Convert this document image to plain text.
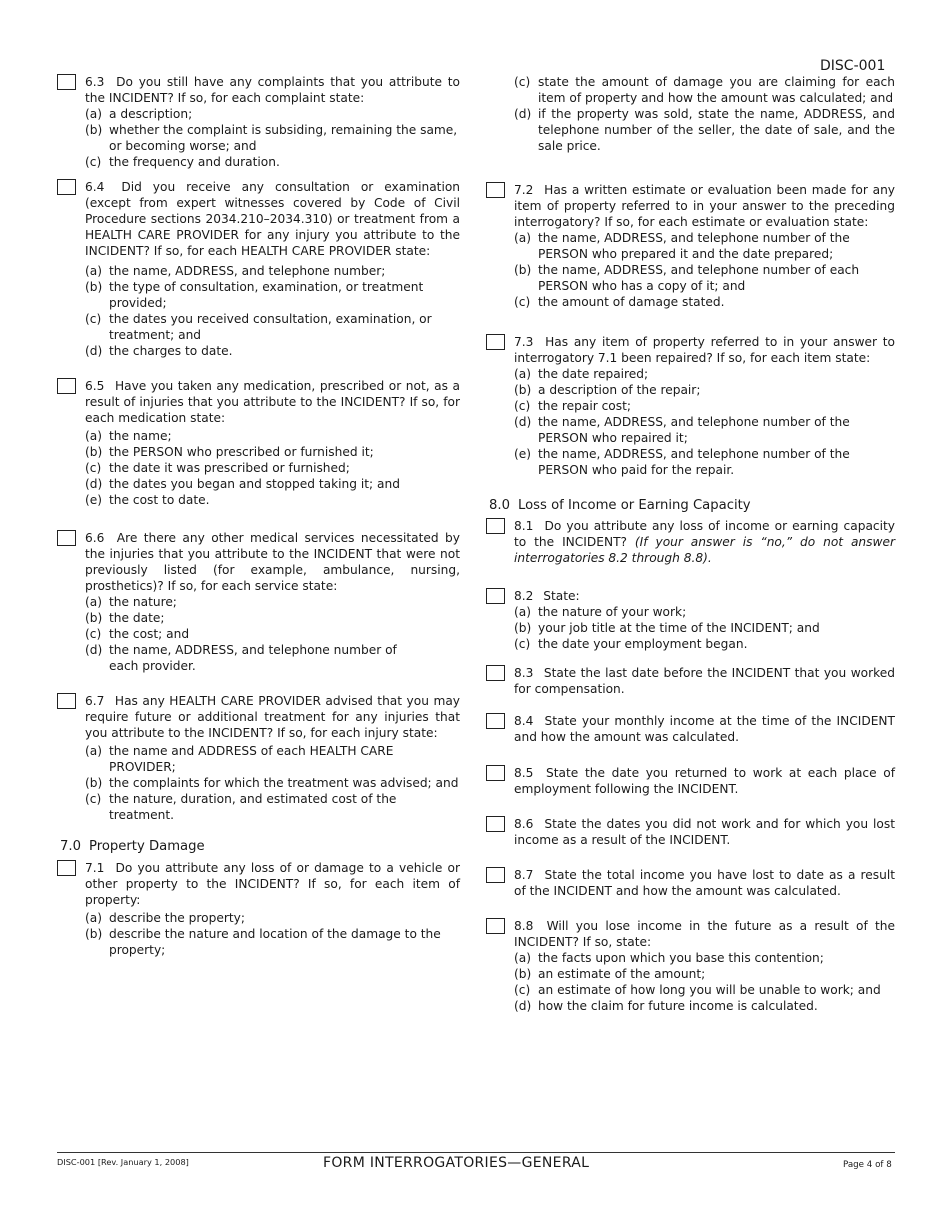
DISC-001
6.3 Do you still have any complaints that you attribute to the INCIDENT? If so, for each complaint state:
(a) a description;
(b) whether the complaint is subsiding, remaining the same, or becoming worse; and
(c) the frequency and duration.
6.4 Did you receive any consultation or examination (except from expert witnesses covered by Code of Civil Procedure sections 2034.210–2034.310) or treatment from a HEALTH CARE PROVIDER for any injury you attribute to the INCIDENT? If so, for each HEALTH CARE PROVIDER state:
(a) the name, ADDRESS, and telephone number;
(b) the type of consultation, examination, or treatment provided;
(c) the dates you received consultation, examination, or treatment; and
(d) the charges to date.
6.5 Have you taken any medication, prescribed or not, as a result of injuries that you attribute to the INCIDENT? If so, for each medication state:
(a) the name;
(b) the PERSON who prescribed or furnished it;
(c) the date it was prescribed or furnished;
(d) the dates you began and stopped taking it; and
(e) the cost to date.
6.6 Are there any other medical services necessitated by the injuries that you attribute to the INCIDENT that were not previously listed (for example, ambulance, nursing, prosthetics)? If so, for each service state:
(a) the nature;
(b) the date;
(c) the cost; and
(d) the name, ADDRESS, and telephone number of each provider.
6.7 Has any HEALTH CARE PROVIDER advised that you may require future or additional treatment for any injuries that you attribute to the INCIDENT? If so, for each injury state:
(a) the name and ADDRESS of each HEALTH CARE PROVIDER;
(b) the complaints for which the treatment was advised; and
(c) the nature, duration, and estimated cost of the treatment.
7.0 Property Damage
7.1 Do you attribute any loss of or damage to a vehicle or other property to the INCIDENT? If so, for each item of property:
(a) describe the property;
(b) describe the nature and location of the damage to the property;
(c) state the amount of damage you are claiming for each item of property and how the amount was calculated; and
(d) if the property was sold, state the name, ADDRESS, and telephone number of the seller, the date of sale, and the sale price.
7.2 Has a written estimate or evaluation been made for any item of property referred to in your answer to the preceding interrogatory? If so, for each estimate or evaluation state:
(a) the name, ADDRESS, and telephone number of the PERSON who prepared it and the date prepared;
(b) the name, ADDRESS, and telephone number of each PERSON who has a copy of it; and
(c) the amount of damage stated.
7.3 Has any item of property referred to in your answer to interrogatory 7.1 been repaired? If so, for each item state:
(a) the date repaired;
(b) a description of the repair;
(c) the repair cost;
(d) the name, ADDRESS, and telephone number of the PERSON who repaired it;
(e) the name, ADDRESS, and telephone number of the PERSON who paid for the repair.
8.0 Loss of Income or Earning Capacity
8.1 Do you attribute any loss of income or earning capacity to the INCIDENT? (If your answer is “no,” do not answer interrogatories 8.2 through 8.8).
8.2 State:
(a) the nature of your work;
(b) your job title at the time of the INCIDENT; and
(c) the date your employment began.
8.3 State the last date before the INCIDENT that you worked for compensation.
8.4 State your monthly income at the time of the INCIDENT and how the amount was calculated.
8.5 State the date you returned to work at each place of employment following the INCIDENT.
8.6 State the dates you did not work and for which you lost income as a result of the INCIDENT.
8.7 State the total income you have lost to date as a result of the INCIDENT and how the amount was calculated.
8.8 Will you lose income in the future as a result of the INCIDENT? If so, state:
(a) the facts upon which you base this contention;
(b) an estimate of the amount;
(c) an estimate of how long you will be unable to work; and
(d) how the claim for future income is calculated.
DISC-001 [Rev. January 1, 2008]	FORM INTERROGATORIES—GENERAL	Page 4 of 8
